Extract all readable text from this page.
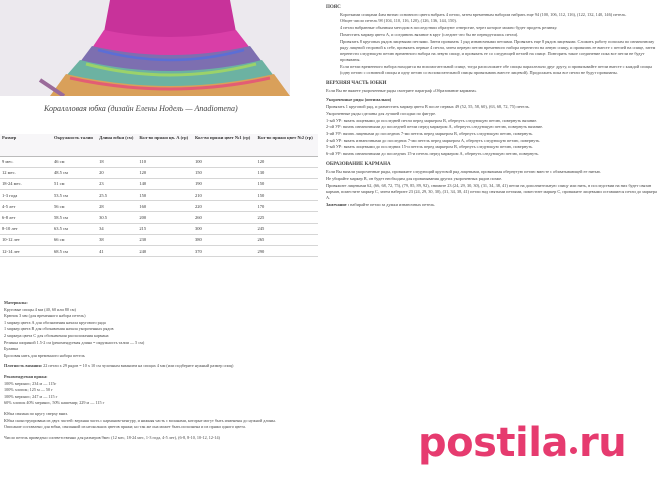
Кораллловая юбка (дизайн Елены Нодель — Anadiomena)
Размер	Окружность талии	Длина юбки (см)	Кол-во пряжи цв. А (гр)	Кол-во пряжи цвет №1 (гр)	Кол-во пряжи цвет №2 (гр)
9 мес.	46 см	18	110	100	120
12 мес.	48.5 см	20	120	150	130
18-24 мес.	51 см	23	140	190	150
1-3 года	53.5 см	25.5	150	210	150
4-5 лет	56 см	28	160	220	170
6-8 лет	58.5 см	30.5	200	260	225
8-10 лет	63.5 см	34	215	300	245
10-12 лет	66 см	38	230	380	265
12-14 лет	68.5 см	41	240	370	290

Материалы:

Круговые спицы 4 мм (40, 60 или 80 см)

Крючок 3 мм (для временного набора петель)

1 маркер цвета А для обозначения начала кругового ряда

1 маркер цвета В для обозначения начала укороченных рядов

2 маркера цвета С для обозначения расположения кармана

Резинка шириной 1.5-2 см (рекомендуемая длина = окружность талии — 5 см)

Булавка

Бросовая нить для временного набора петель

Плотность вязания: 22 петли x 29 рядов = 10 x 10 см чулочным вязанием на спицах 4 мм (или подберите нужный размер спиц)

Рекомендуемая пряжа:

100% меринос; 234 м — 115г

100% хлопок; 125 м — 50 г

100% меринос; 247 м — 115 г

60% хлопок 40% меринос, 50% кашемир; 229 м — 115 г

Юбка связана по кругу сверху вниз.

Юбка сконструирована из двух частей: верхняя часть с карманом-кенгуру, и нижняя часть с воланами, которые могут быть изменены до нужной длины.

Описание составлено для юбки, связанной из нескольких цветов пряжи; но так же она может быть исполнена и из пряжи одного цвета.

Число петель приведено соответственно для размеров 9мес (12 мес, 18-24 мес, 1-3 года, 4-5 лет), (6-8, 8-10, 10-12, 12-14)

ПОЯС

Короткими спицами 4мм нитью основного цвета набрать 4 петли, затем временным набором набрать еще 94 (100, 106, 112, 116), (122, 132, 140, 146) петель.

Общее число петель 98 (104, 110, 116, 120), (126, 136, 144, 150).

4 петли набранные обычным методом в последствии образуют отверстие, через которое можно будет продеть резинку.

Поместить маркер цвета А, и соединить вязание в круг (следите что бы не перекрутились петли).

Провязать 8 круговых рядов лицевыми петлями. Затем провязать 1 ряд изнаночными петлями. Провязать еще 8 рядов лицевыми. Сложить работу пополам по изнаночному ряду лицевой стороной к себе, провязать первые 4 петли, затем первую петлю временного набора перенести на левую спицу, и провязать ее вместе с петлей на спице, затем перенести следующую петлю временного набора на левую спицу, и провязать ее со следующей петлей на спице. Повторить такое соединение пока все петли не будут провязаны.

Если петли временного набора находятся на вспомогательной спице, тогда расположите обе спицы параллельно друг другу, и провязывайте петли вместе с каждой спицы (одну петлю с основной спицы и одну петлю со вспомогательной спицы провязывать вместе лицевой). Продолжать пока все петли не будут провязаны.

ВЕРХНЯЯ ЧАСТЬ ЮБКИ

Если Вы не вяжете укороченные ряды смотрите параграф «Образование кармана»

Укороченные ряды (оптимально)

Провязать 1 круговой ряд, и разместить маркер цвета В после первых 49 (52, 55, 58, 60), (63, 68, 72, 75) петель.

Укороченные ряды сделаны для лучшей посадки по фигуре.

1-ый УР: вязать лицевыми до последней петли перед маркером В, обернуть следующую петлю, повернуть вязание.

2-ой УР: вязать изнаночными до последней петли перед маркером А, обернуть следующую петлю, повернуть вязание.

3-ий УР: вязать лицевыми до последних 7-ми петель перед маркером В, обернуть следующую петлю, повернуть.

4-ый УР: вязать изнаночными до последних 7-ми петель перед маркером А, обернуть следующую петлю, повернуть.

5-ый УР: вязать лицевыми до последних 15-и петель перед маркером В, обернуть следующую петлю, повернуть.

6-ой УР: вязать изнаночными до последних 15-и петель перед маркером А, обернуть следующую петлю, повернуть.

ОБРАЗОВАНИЕ КАРМАНА

Если Вы вязали укороченные ряды, провяжите следующий круговой ряд лицевыми, провязывая обернутую петлю вместе с обхватывающей ее нитью.

Не убирайте маркер В, он будет необходим для провязывания других укороченных рядов позже.

Провяжите лицевыми 62, (66, 68, 72, 75), (79, 85, 89, 92), снимите 23 (24, 29, 30, 30), (31, 34, 38, 41) петли на дополнительную спицу или нить, в последствии на них будет связан карман, поместите маркер С, затем наберите 23 (24, 29, 30, 30), (31, 34, 38, 41) петли над снятыми петлями, поместите маркер С, провяжите лицевыми оставшиеся петли до маркера А.

Замечание : набирайте петли за дужки изнаночных петель.

postila ru
